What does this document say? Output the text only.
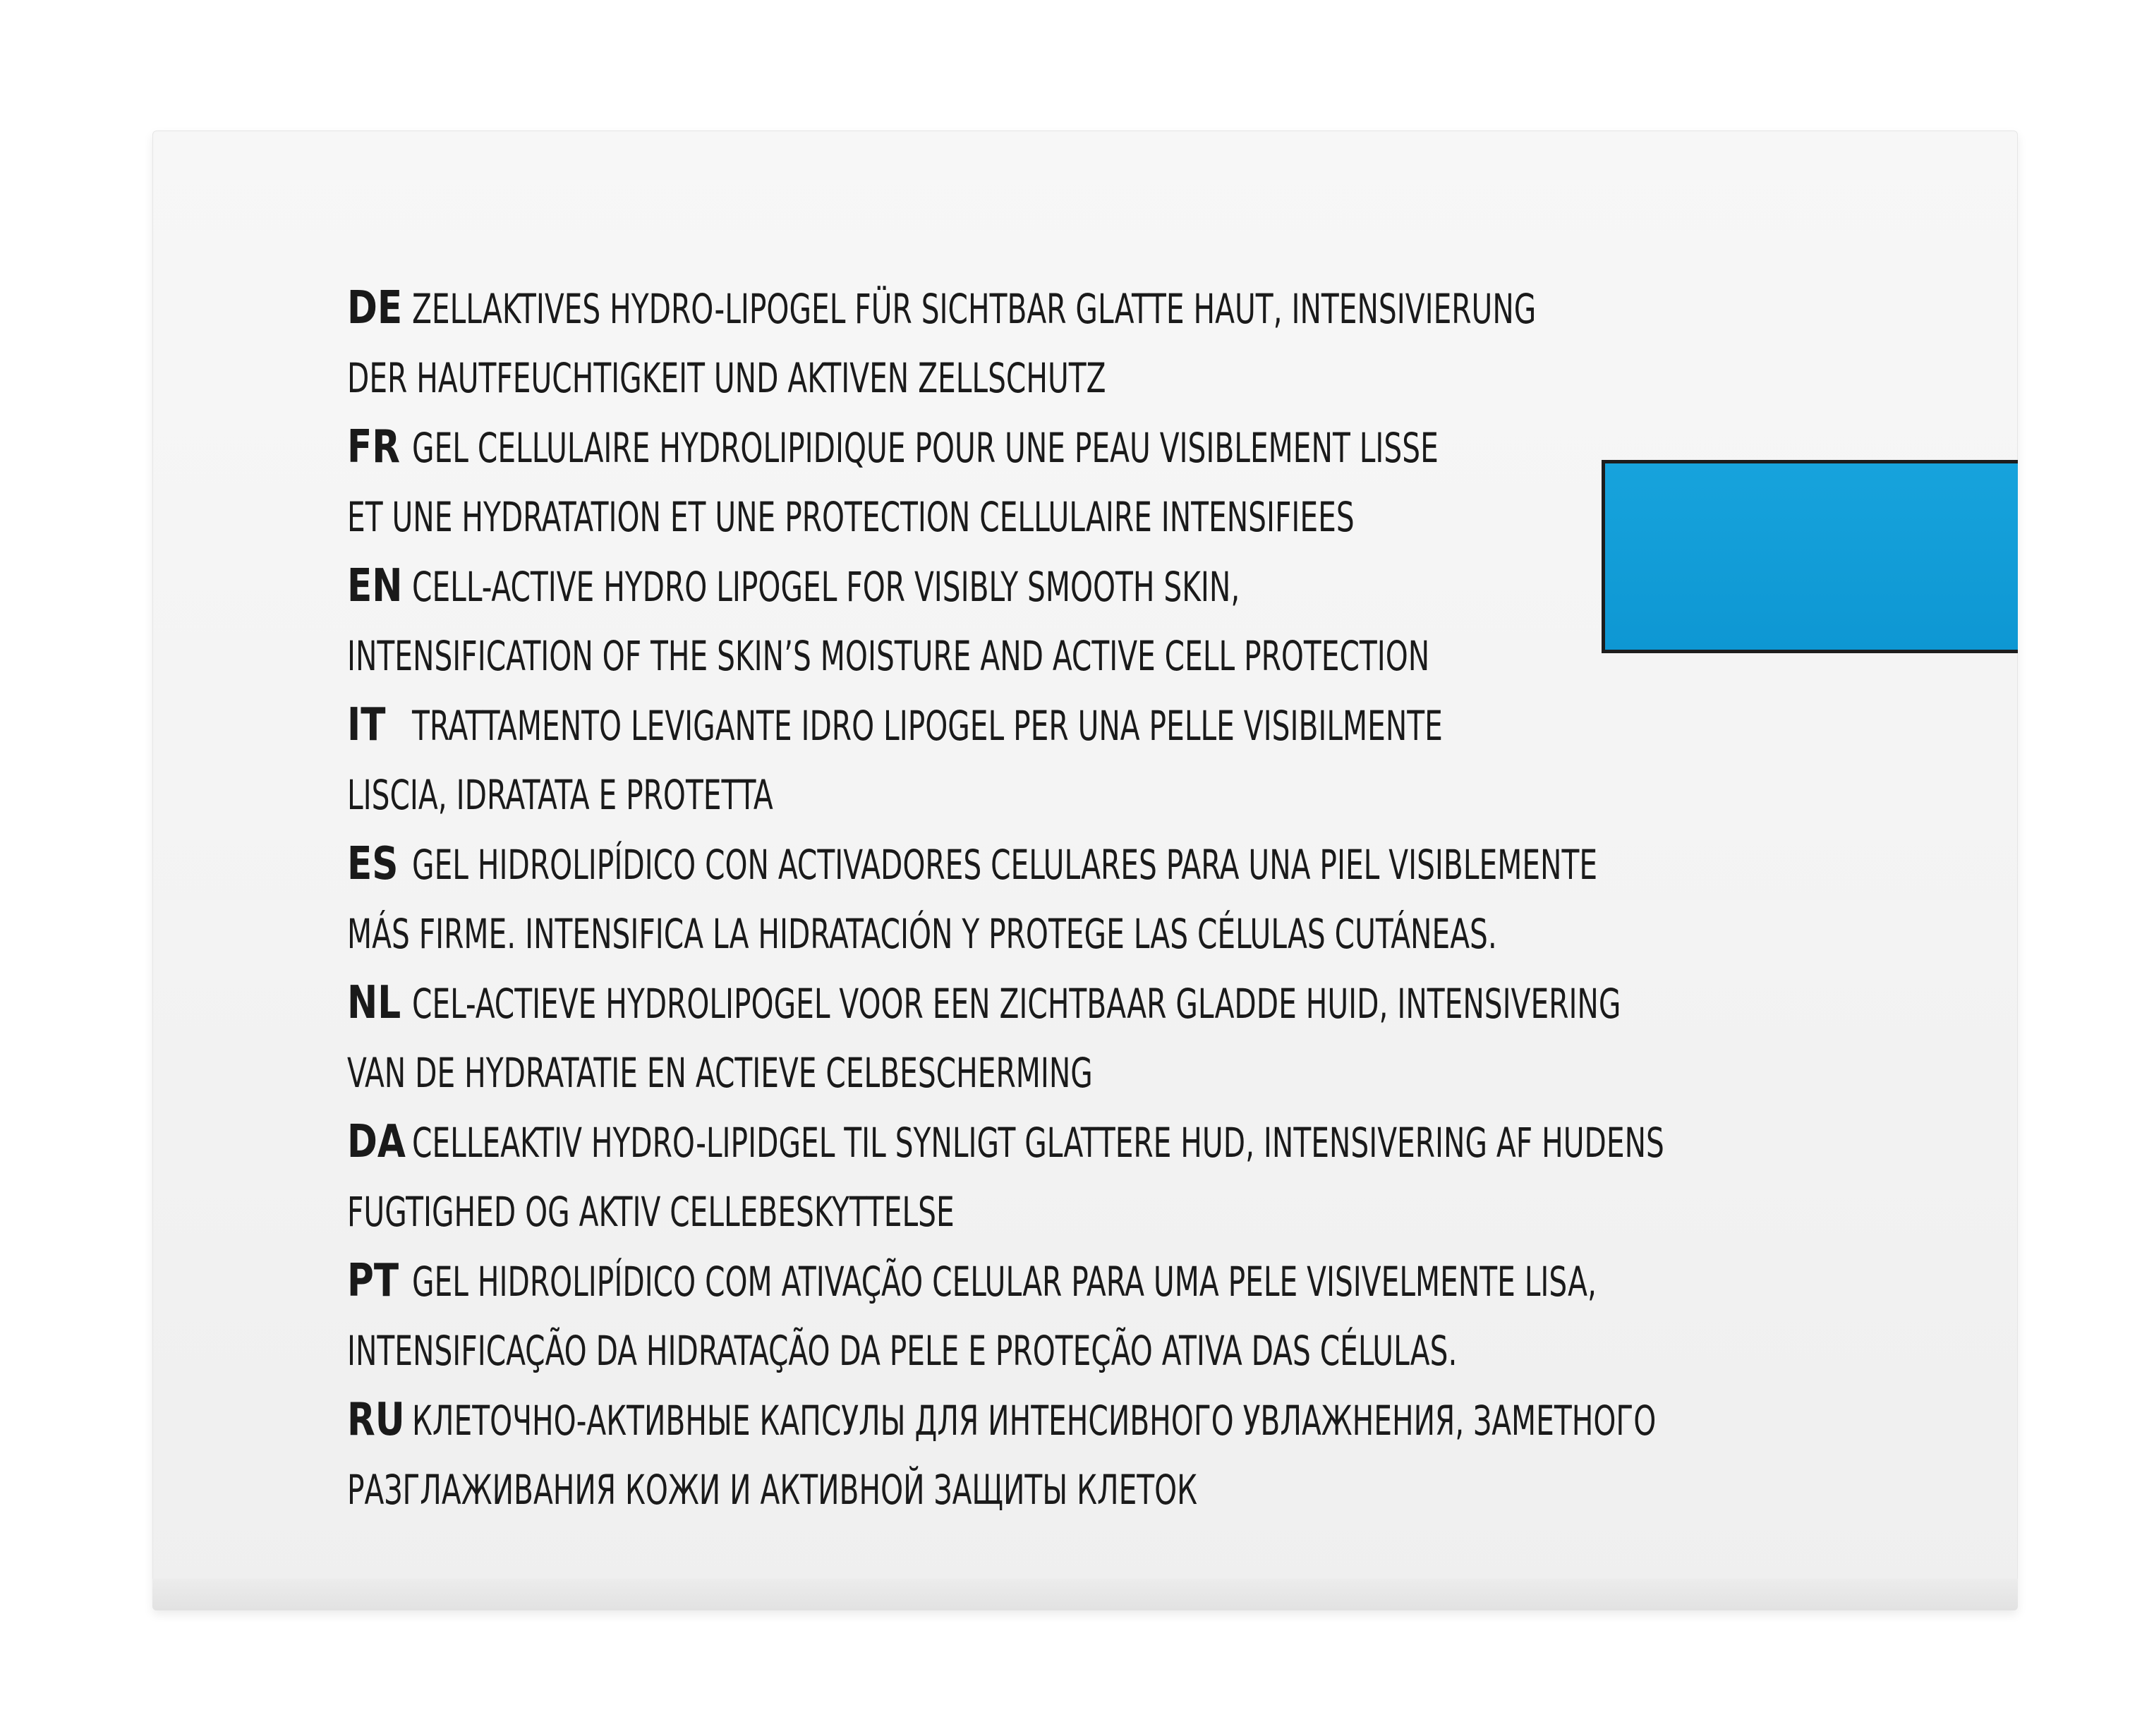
DE ZELLAKTIVES HYDRO-LIPOGEL FÜR SICHTBAR GLATTE HAUT, INTENSIVIERUNG
DER HAUTFEUCHTIGKEIT UND AKTIVEN ZELLSCHUTZ
FR GEL CELLULAIRE HYDROLIPIDIQUE POUR UNE PEAU VISIBLEMENT LISSE
ET UNE HYDRATATION ET UNE PROTECTION CELLULAIRE INTENSIFIEES
EN CELL-ACTIVE HYDRO LIPOGEL FOR VISIBLY SMOOTH SKIN,
INTENSIFICATION OF THE SKIN’S MOISTURE AND ACTIVE CELL PROTECTION
IT TRATTAMENTO LEVIGANTE IDRO LIPOGEL PER UNA PELLE VISIBILMENTE
LISCIA, IDRATATA E PROTETTA
ES GEL HIDROLIPÍDICO CON ACTIVADORES CELULARES PARA UNA PIEL VISIBLEMENTE
MÁS FIRME. INTENSIFICA LA HIDRATACIÓN Y PROTEGE LAS CÉLULAS CUTÁNEAS.
NL CEL-ACTIEVE HYDROLIPOGEL VOOR EEN ZICHTBAAR GLADDE HUID, INTENSIVERING
VAN DE HYDRATATIE EN ACTIEVE CELBESCHERMING
DA CELLEAKTIV HYDRO-LIPIDGEL TIL SYNLIGT GLATTERE HUD, INTENSIVERING AF HUDENS
FUGTIGHED OG AKTIV CELLEBESKYTTELSE
PT GEL HIDROLIPÍDICO COM ATIVAÇÃO CELULAR PARA UMA PELE VISIVELMENTE LISA,
INTENSIFICAÇÃO DA HIDRATAÇÃO DA PELE E PROTEÇÃO ATIVA DAS CÉLULAS.
RU КЛЕТОЧНО-АКТИВНЫЕ КАПСУЛЫ ДЛЯ ИНТЕНСИВНОГО УВЛАЖНЕНИЯ, ЗАМЕТНОГО
РАЗГЛАЖИВАНИЯ КОЖИ И АКТИВНОЙ ЗАЩИТЫ КЛЕТОК
